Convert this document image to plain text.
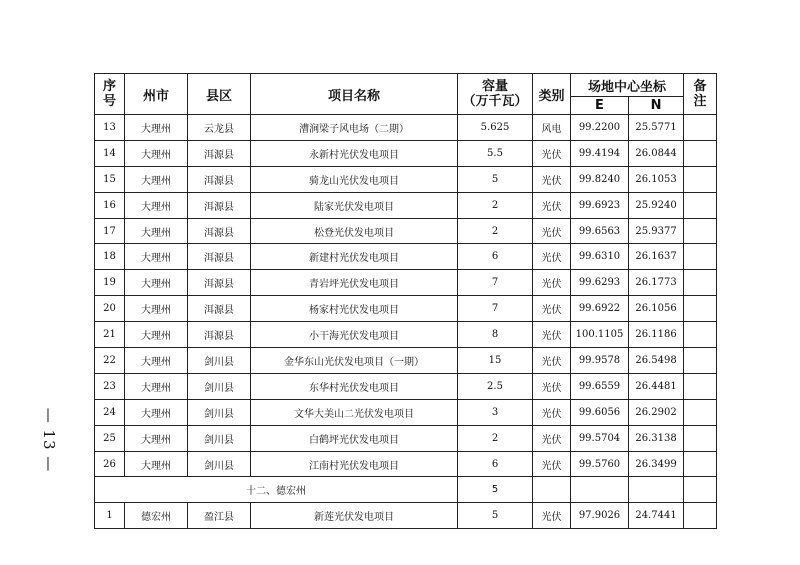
— 13 —
序
号	州市	县区	项目名称	容量
（万千瓦）	类别	场地中心坐标		备
注

						E	N	
13	大理州	云龙县	漕涧梁子风电场（二期）	5.625	风电	99.2200	25.5771	
14	大理州	洱源县	永新村光伏发电项目	5.5	光伏	99.4194	26.0844	
15	大理州	洱源县	骑龙山光伏发电项目	5	光伏	99.8240	26.1053	
16	大理州	洱源县	陆家光伏发电项目	2	光伏	99.6923	25.9240	
17	大理州	洱源县	松登光伏发电项目	2	光伏	99.6563	25.9377	
18	大理州	洱源县	新建村光伏发电项目	6	光伏	99.6310	26.1637	
19	大理州	洱源县	青岩坪光伏发电项目	7	光伏	99.6293	26.1773	
20	大理州	洱源县	杨家村光伏发电项目	7	光伏	99.6922	26.1056	
21	大理州	洱源县	小干海光伏发电项目	8	光伏	100.1105	26.1186	
22	大理州	剑川县	金华东山光伏发电项目（一期）	15	光伏	99.9578	26.5498	
23	大理州	剑川县	东华村光伏发电项目	2.5	光伏	99.6559	26.4481	
24	大理州	剑川县	文华大美山二光伏发电项目	3	光伏	99.6056	26.2902	
25	大理州	剑川县	白鹤坪光伏发电项目	2	光伏	99.5704	26.3138	
26	大理州	剑川县	江南村光伏发电项目	6	光伏	99.5760	26.3499	
十二、德宏州				5				
1	德宏州	盈江县	新莲光伏发电项目	5	光伏	97.9026	24.7441	
